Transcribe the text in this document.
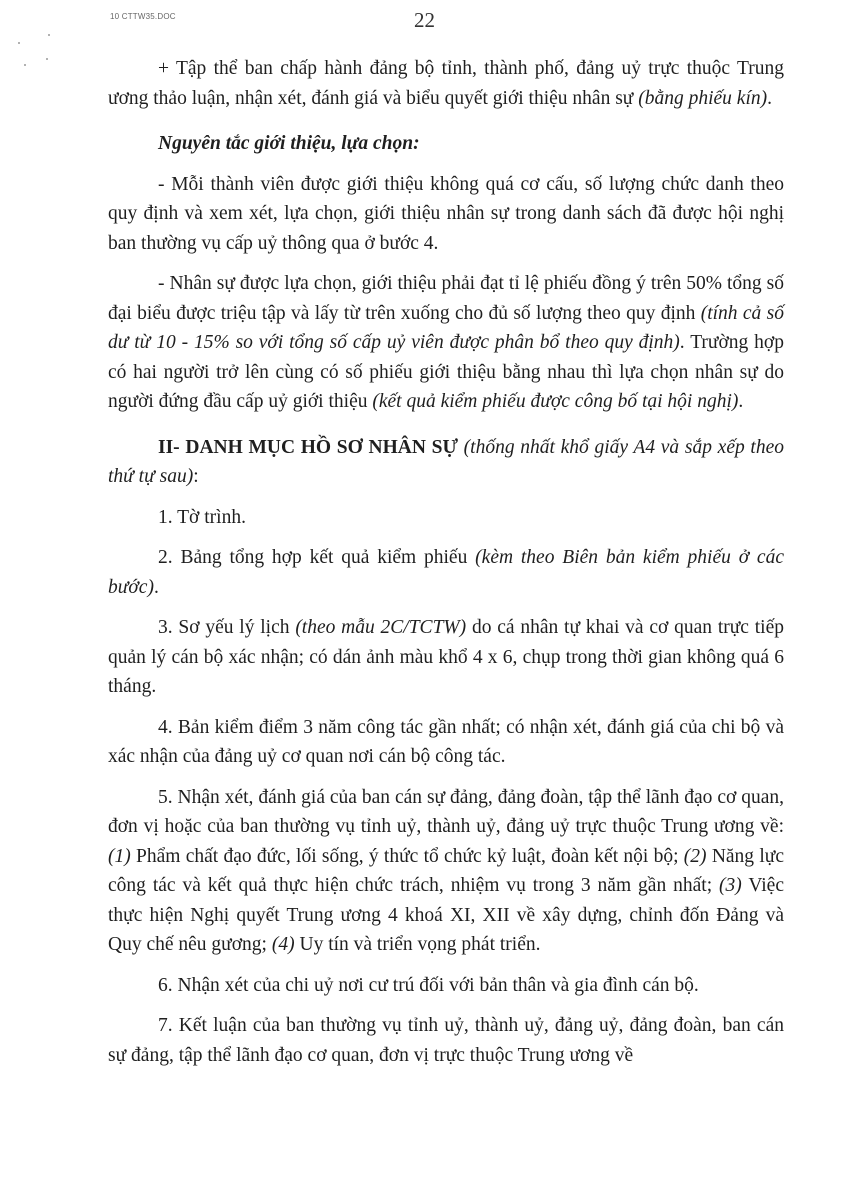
10 CTTW35.DOC	22

+ Tập thể ban chấp hành đảng bộ tỉnh, thành phố, đảng uỷ trực thuộc Trung ương thảo luận, nhận xét, đánh giá và biểu quyết giới thiệu nhân sự (bằng phiếu kín).

Nguyên tắc giới thiệu, lựa chọn:

- Mỗi thành viên được giới thiệu không quá cơ cấu, số lượng chức danh theo quy định và xem xét, lựa chọn, giới thiệu nhân sự trong danh sách đã được hội nghị ban thường vụ cấp uỷ thông qua ở bước 4.

- Nhân sự được lựa chọn, giới thiệu phải đạt tỉ lệ phiếu đồng ý trên 50% tổng số đại biểu được triệu tập và lấy từ trên xuống cho đủ số lượng theo quy định (tính cả số dư từ 10 - 15% so với tổng số cấp uỷ viên được phân bổ theo quy định). Trường hợp có hai người trở lên cùng có số phiếu giới thiệu bằng nhau thì lựa chọn nhân sự do người đứng đầu cấp uỷ giới thiệu (kết quả kiểm phiếu được công bố tại hội nghị).

II- DANH MỤC HỒ SƠ NHÂN SỰ (thống nhất khổ giấy A4 và sắp xếp theo thứ tự sau):

1. Tờ trình.

2. Bảng tổng hợp kết quả kiểm phiếu (kèm theo Biên bản kiểm phiếu ở các bước).

3. Sơ yếu lý lịch (theo mẫu 2C/TCTW) do cá nhân tự khai và cơ quan trực tiếp quản lý cán bộ xác nhận; có dán ảnh màu khổ 4 x 6, chụp trong thời gian không quá 6 tháng.

4. Bản kiểm điểm 3 năm công tác gần nhất; có nhận xét, đánh giá của chi bộ và xác nhận của đảng uỷ cơ quan nơi cán bộ công tác.

5. Nhận xét, đánh giá của ban cán sự đảng, đảng đoàn, tập thể lãnh đạo cơ quan, đơn vị hoặc của ban thường vụ tỉnh uỷ, thành uỷ, đảng uỷ trực thuộc Trung ương về: (1) Phẩm chất đạo đức, lối sống, ý thức tổ chức kỷ luật, đoàn kết nội bộ; (2) Năng lực công tác và kết quả thực hiện chức trách, nhiệm vụ trong 3 năm gần nhất; (3) Việc thực hiện Nghị quyết Trung ương 4 khoá XI, XII về xây dựng, chỉnh đốn Đảng và Quy chế nêu gương; (4) Uy tín và triển vọng phát triển.

6. Nhận xét của chi uỷ nơi cư trú đối với bản thân và gia đình cán bộ.

7. Kết luận của ban thường vụ tỉnh uỷ, thành uỷ, đảng uỷ, đảng đoàn, ban cán sự đảng, tập thể lãnh đạo cơ quan, đơn vị trực thuộc Trung ương về
